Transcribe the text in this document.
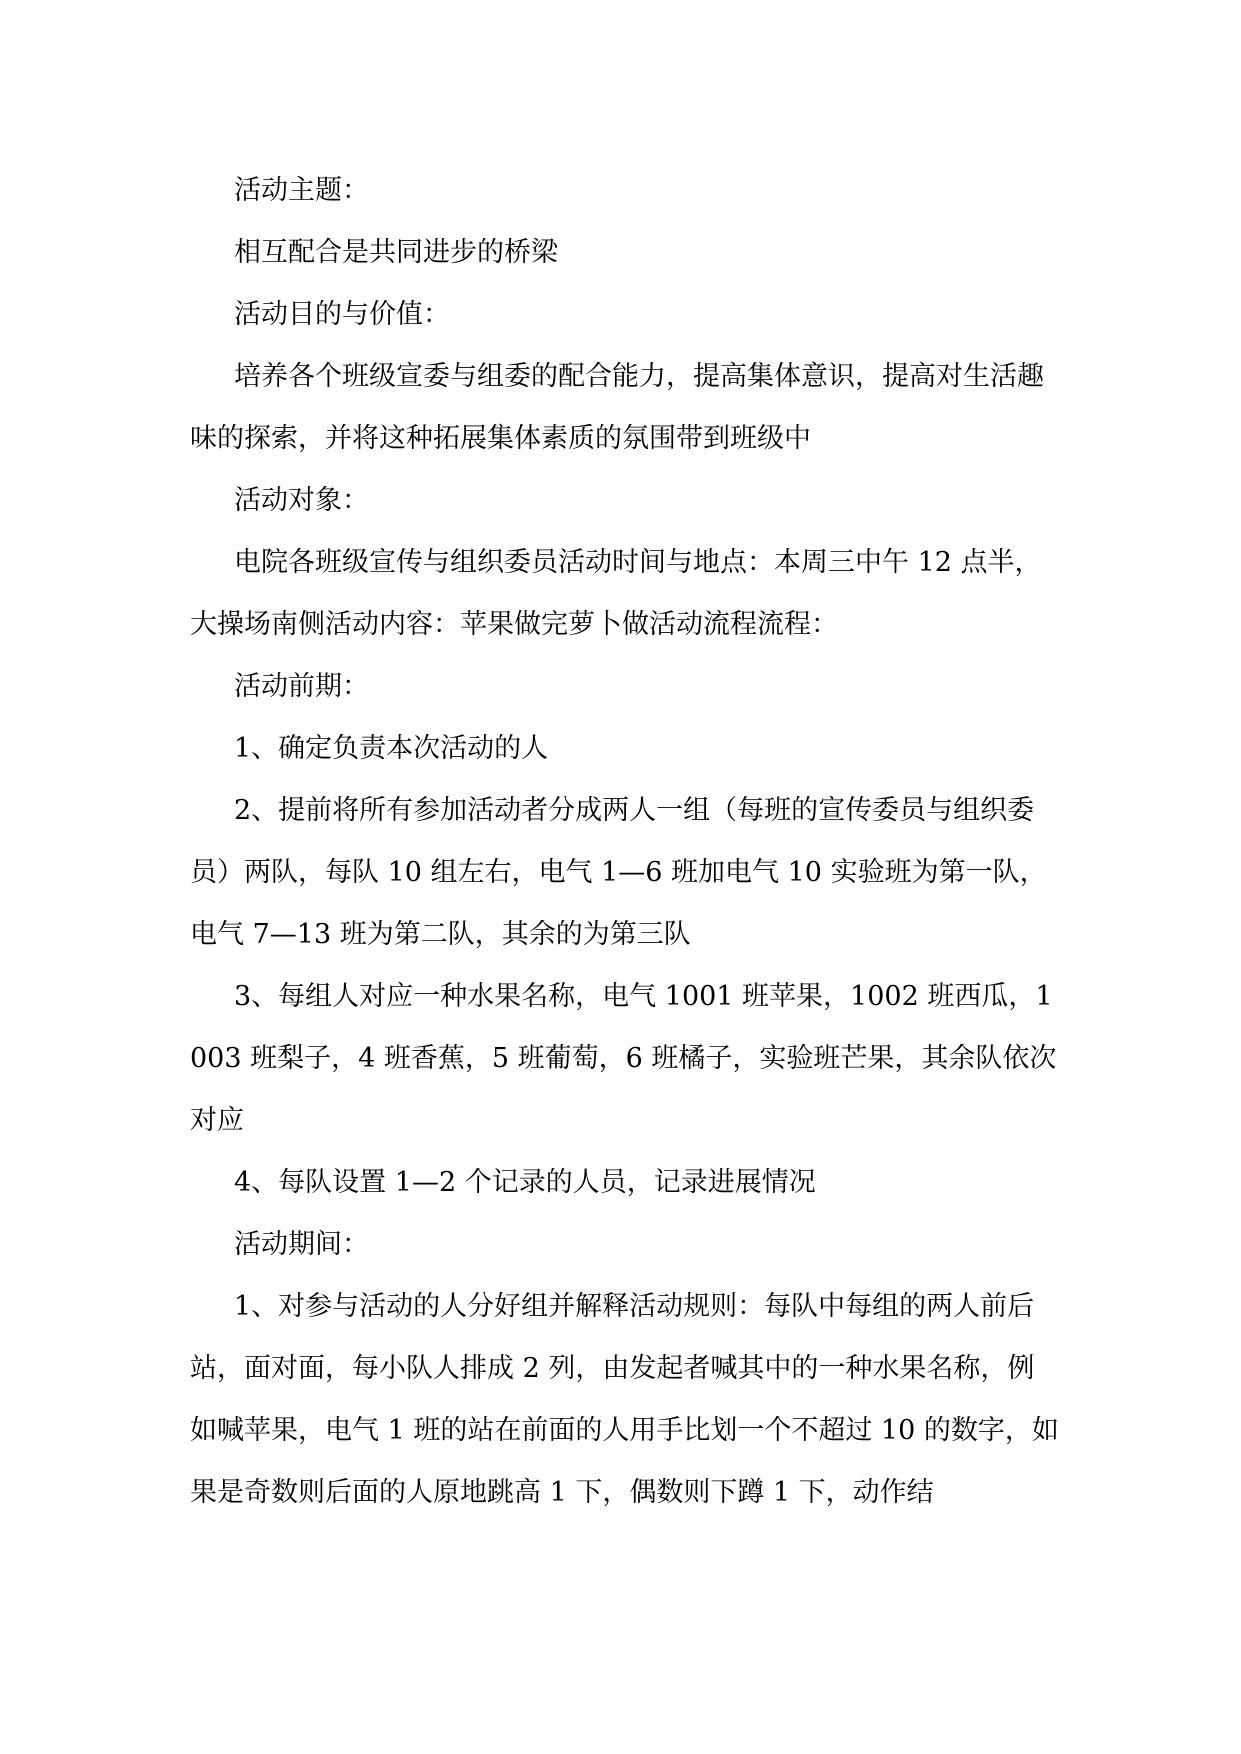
活动主题：

相互配合是共同进步的桥梁

活动目的与价值：

培养各个班级宣委与组委的配合能力，提高集体意识，提高对生活趣味的探索，并将这种拓展集体素质的氛围带到班级中

活动对象：

电院各班级宣传与组织委员活动时间与地点：本周三中午 12 点半，大操场南侧活动内容：苹果做完萝卜做活动流程流程：

活动前期：

1、确定负责本次活动的人

2、提前将所有参加活动者分成两人一组（每班的宣传委员与组织委员）两队，每队 10 组左右，电气 1—6 班加电气 10 实验班为第一队，电气 7—13 班为第二队，其余的为第三队

3、每组人对应一种水果名称，电气 1001 班苹果，1002 班西瓜，1003 班梨子，4 班香蕉，5 班葡萄，6 班橘子，实验班芒果，其余队依次对应

4、每队设置 1—2 个记录的人员，记录进展情况

活动期间：

1、对参与活动的人分好组并解释活动规则：每队中每组的两人前后站，面对面，每小队人排成 2 列，由发起者喊其中的一种水果名称，例如喊苹果，电气 1 班的站在前面的人用手比划一个不超过 10 的数字，如果是奇数则后面的人原地跳高 1 下，偶数则下蹲 1 下，动作结
